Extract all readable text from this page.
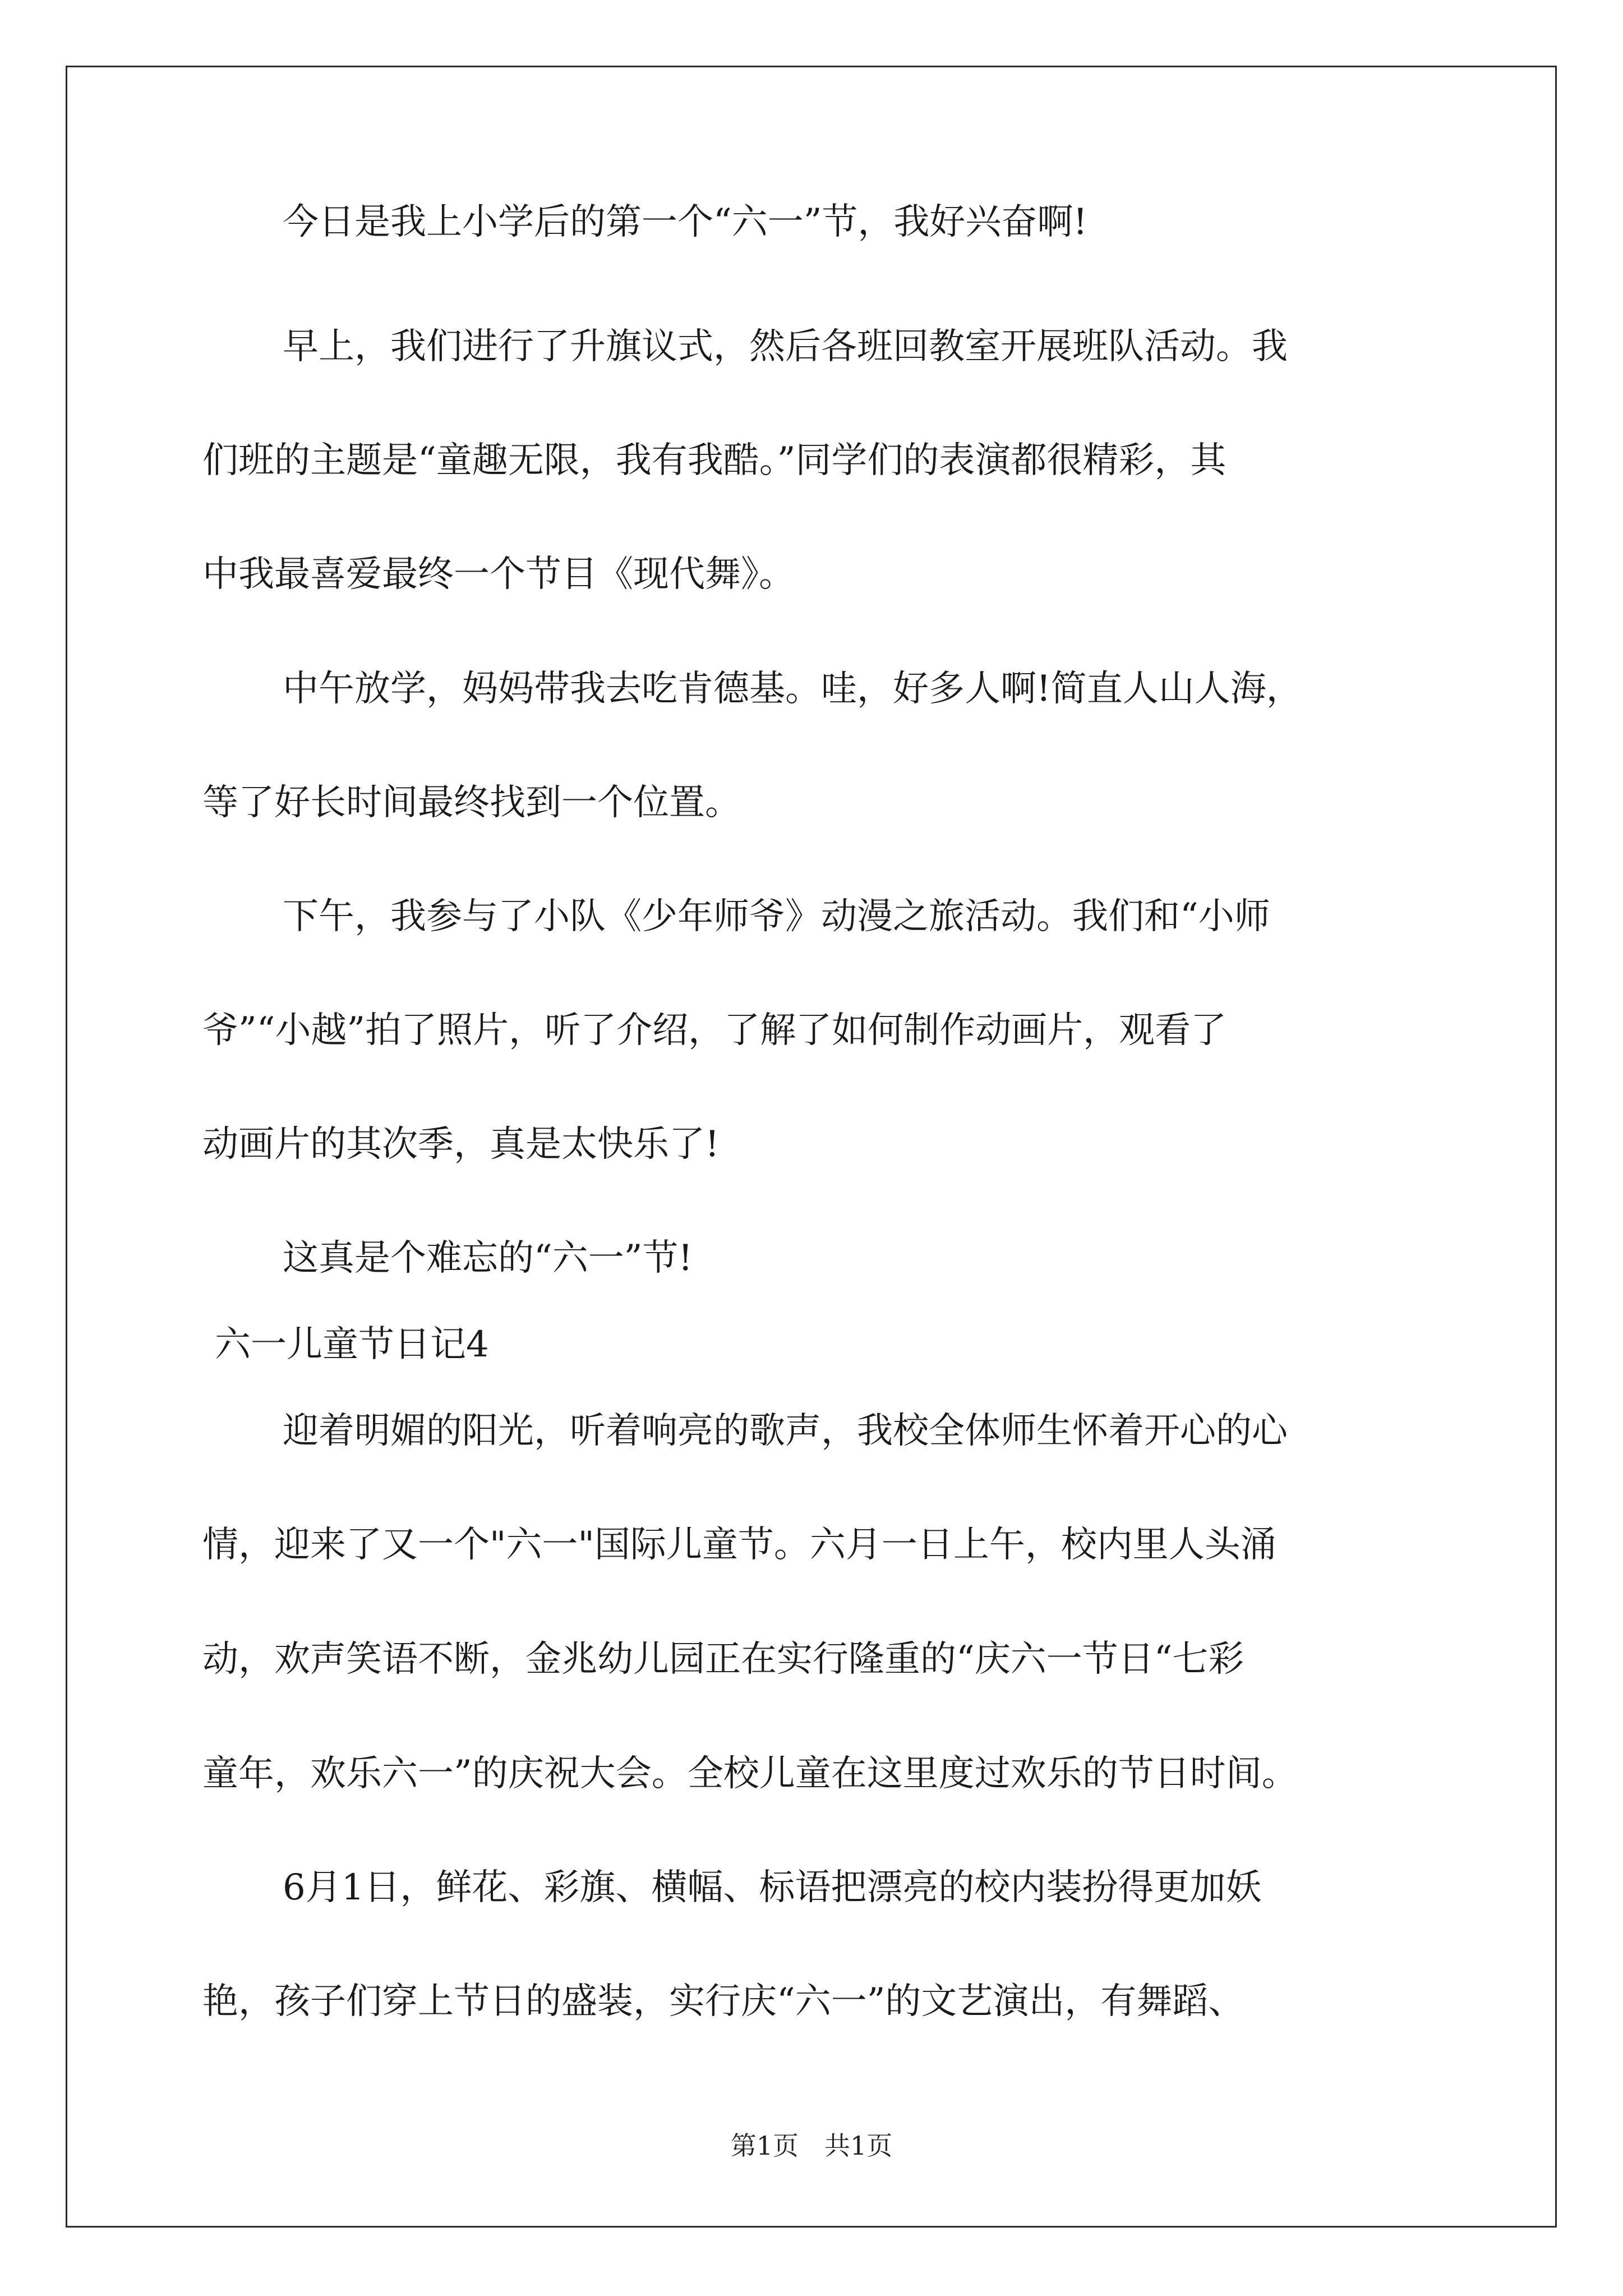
今日是我上小学后的第一个“六一”节，我好兴奋啊!
早上，我们进行了升旗议式，然后各班回教室开展班队活动。我
们班的主题是“童趣无限，我有我酷。”同学们的表演都很精彩，其
中我最喜爱最终一个节目《现代舞》。
中午放学，妈妈带我去吃肯德基。哇，好多人啊!简直人山人海，
等了好长时间最终找到一个位置。
下午，我参与了小队《少年师爷》动漫之旅活动。我们和“小师
爷”“小越”拍了照片，听了介绍，了解了如何制作动画片，观看了
动画片的其次季，真是太快乐了!
这真是个难忘的“六一”节!
六一儿童节日记4
迎着明媚的阳光，听着响亮的歌声，我校全体师生怀着开心的心
情，迎来了又一个"六一"国际儿童节。六月一日上午，校内里人头涌
动，欢声笑语不断，金兆幼儿园正在实行隆重的“庆六一节日“七彩
童年，欢乐六一”的庆祝大会。全校儿童在这里度过欢乐的节日时间。
6月1日，鲜花、彩旗、横幅、标语把漂亮的校内装扮得更加妖
艳，孩子们穿上节日的盛装，实行庆“六一”的文艺演出，有舞蹈、
第1页　共1页
